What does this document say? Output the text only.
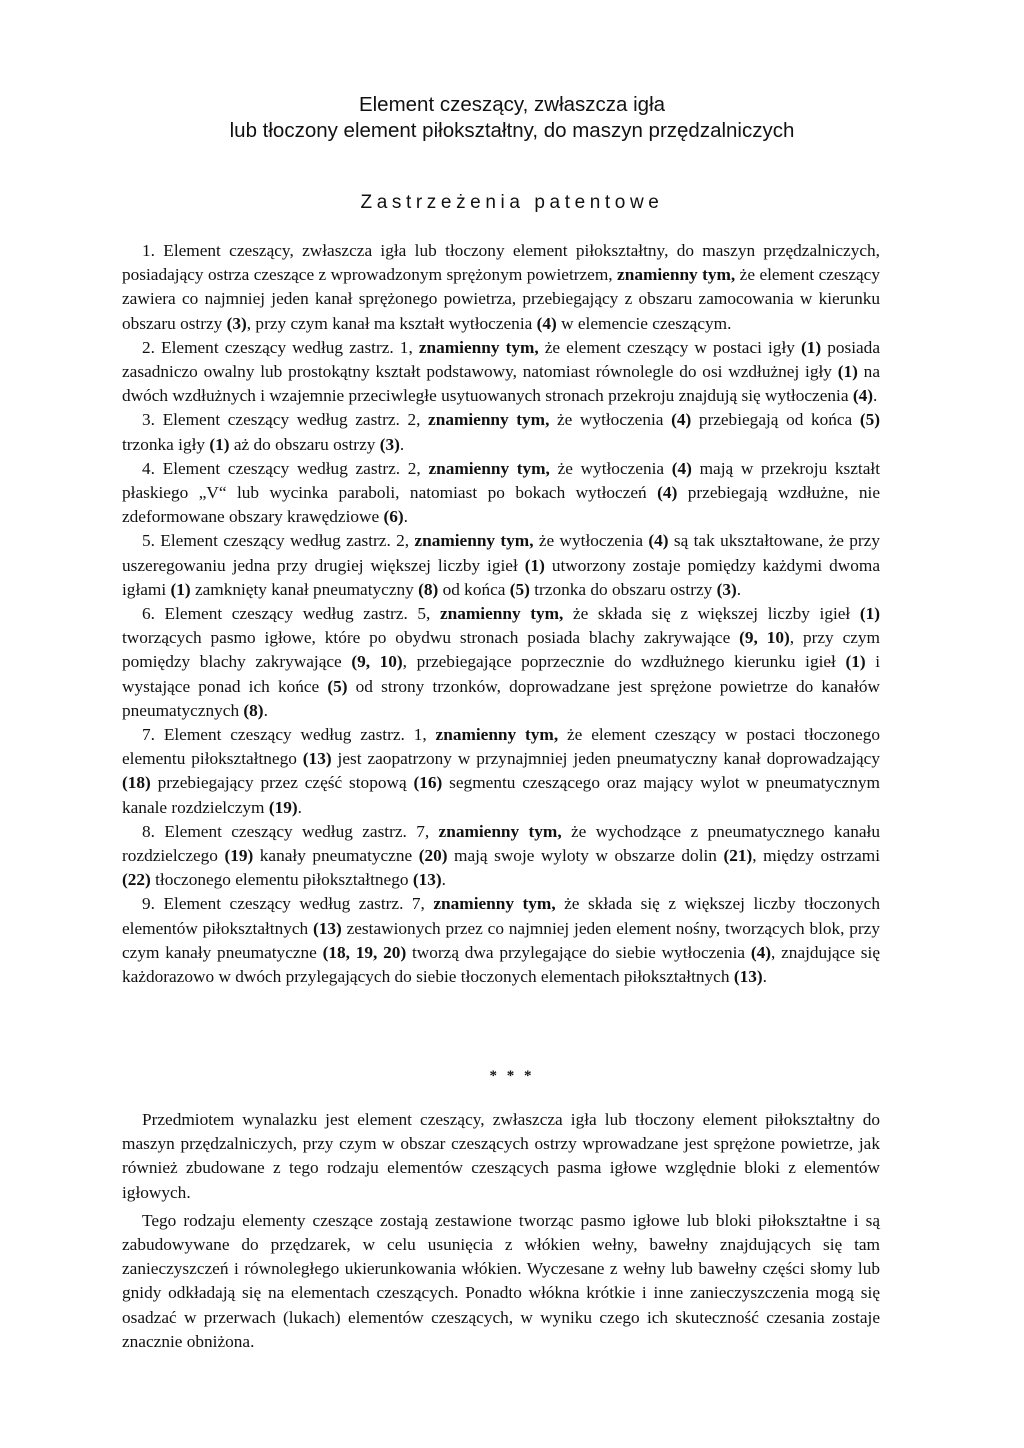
Element czeszący, zwłaszcza igła
lub tłoczony element piłokształtny, do maszyn przędzalniczych
Zastrzeżenia patentowe

1. Element czeszący, zwłaszcza igła lub tłoczony element piłokształtny, do maszyn przędzalniczych, posiadający ostrza czeszące z wprowadzonym sprężonym powietrzem, znamienny tym, że element czeszący zawiera co najmniej jeden kanał sprężonego powietrza, przebiegający z obszaru zamocowania w kierunku obszaru ostrzy (3), przy czym kanał ma kształt wytłoczenia (4) w elemencie czeszącym.

2. Element czeszący według zastrz. 1, znamienny tym, że element czeszący w postaci igły (1) posiada zasadniczo owalny lub prostokątny kształt podstawowy, natomiast równolegle do osi wzdłużnej igły (1) na dwóch wzdłużnych i wzajemnie przeciwległe usytuowanych stronach przekroju znajdują się wytłoczenia (4).

3. Element czeszący według zastrz. 2, znamienny tym, że wytłoczenia (4) przebiegają od końca (5) trzonka igły (1) aż do obszaru ostrzy (3).

4. Element czeszący według zastrz. 2, znamienny tym, że wytłoczenia (4) mają w przekroju kształt płaskiego „V“ lub wycinka paraboli, natomiast po bokach wytłoczeń (4) przebiegają wzdłużne, nie zdeformowane obszary krawędziowe (6).

5. Element czeszący według zastrz. 2, znamienny tym, że wytłoczenia (4) są tak ukształtowane, że przy uszeregowaniu jedna przy drugiej większej liczby igieł (1) utworzony zostaje pomiędzy każdymi dwoma igłami (1) zamknięty kanał pneumatyczny (8) od końca (5) trzonka do obszaru ostrzy (3).

6. Element czeszący według zastrz. 5, znamienny tym, że składa się z większej liczby igieł (1) tworzących pasmo igłowe, które po obydwu stronach posiada blachy zakrywające (9, 10), przy czym pomiędzy blachy zakrywające (9, 10), przebiegające poprzecznie do wzdłużnego kierunku igieł (1) i wystające ponad ich końce (5) od strony trzonków, doprowadzane jest sprężone powietrze do kanałów pneumatycznych (8).

7. Element czeszący według zastrz. 1, znamienny tym, że element czeszący w postaci tłoczonego elementu piłokształtnego (13) jest zaopatrzony w przynajmniej jeden pneumatyczny kanał doprowadzający (18) przebiegający przez część stopową (16) segmentu czeszącego oraz mający wylot w pneumatycznym kanale rozdzielczym (19).

8. Element czeszący według zastrz. 7, znamienny tym, że wychodzące z pneumatycznego kanału rozdzielczego (19) kanały pneumatyczne (20) mają swoje wyloty w obszarze dolin (21), między ostrzami (22) tłoczonego elementu piłokształtnego (13).

9. Element czeszący według zastrz. 7, znamienny tym, że składa się z większej liczby tłoczonych elementów piłokształtnych (13) zestawionych przez co najmniej jeden element nośny, tworzących blok, przy czym kanały pneumatyczne (18, 19, 20) tworzą dwa przylegające do siebie wytłoczenia (4), znajdujące się każdorazowo w dwóch przylegających do siebie tłoczonych elementach piłokształtnych (13).

* * *

Przedmiotem wynalazku jest element czeszący, zwłaszcza igła lub tłoczony element piłokształtny do maszyn przędzalniczych, przy czym w obszar czeszących ostrzy wprowadzane jest sprężone powietrze, jak również zbudowane z tego rodzaju elementów czeszących pasma igłowe względnie bloki z elementów igłowych.

Tego rodzaju elementy czeszące zostają zestawione tworząc pasmo igłowe lub bloki piłokształtne i są zabudowywane do przędzarek, w celu usunięcia z włókien wełny, bawełny znajdujących się tam zanieczyszczeń i równoległego ukierunkowania włókien. Wyczesane z wełny lub bawełny części słomy lub gnidy odkładają się na elementach czeszących. Ponadto włókna krótkie i inne zanieczyszczenia mogą się osadzać w przerwach (lukach) elementów czeszących, w wyniku czego ich skuteczność czesania zostaje znacznie obniżona.
